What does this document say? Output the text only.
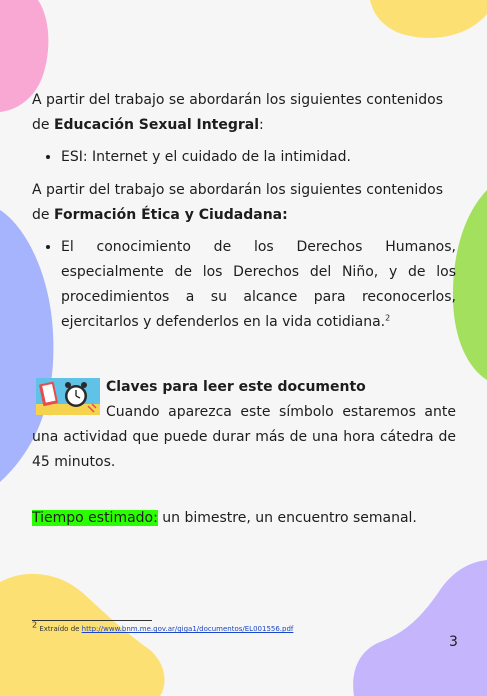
A partir del trabajo se abordarán los siguientes contenidos de Educación Sexual Integral:

• ESI: Internet y el cuidado de la intimidad.

A partir del trabajo se abordarán los siguientes contenidos de Formación Ética y Ciudadana:

• El conocimiento de los Derechos Humanos, especialmente de los Derechos del Niño, y de los procedimientos a su alcance para reconocerlos, ejercitarlos y defenderlos en la vida cotidiana.$^2$

Claves para leer este documento

Cuando aparezca este símbolo estaremos ante una actividad que puede durar más de una hora cátedra de 45 minutos.

Tiempo estimado: un bimestre, un encuentro semanal.

$^2$ Extraído de http://www.bnm.me.gov.ar/giga1/documentos/EL001556.pdf
3
